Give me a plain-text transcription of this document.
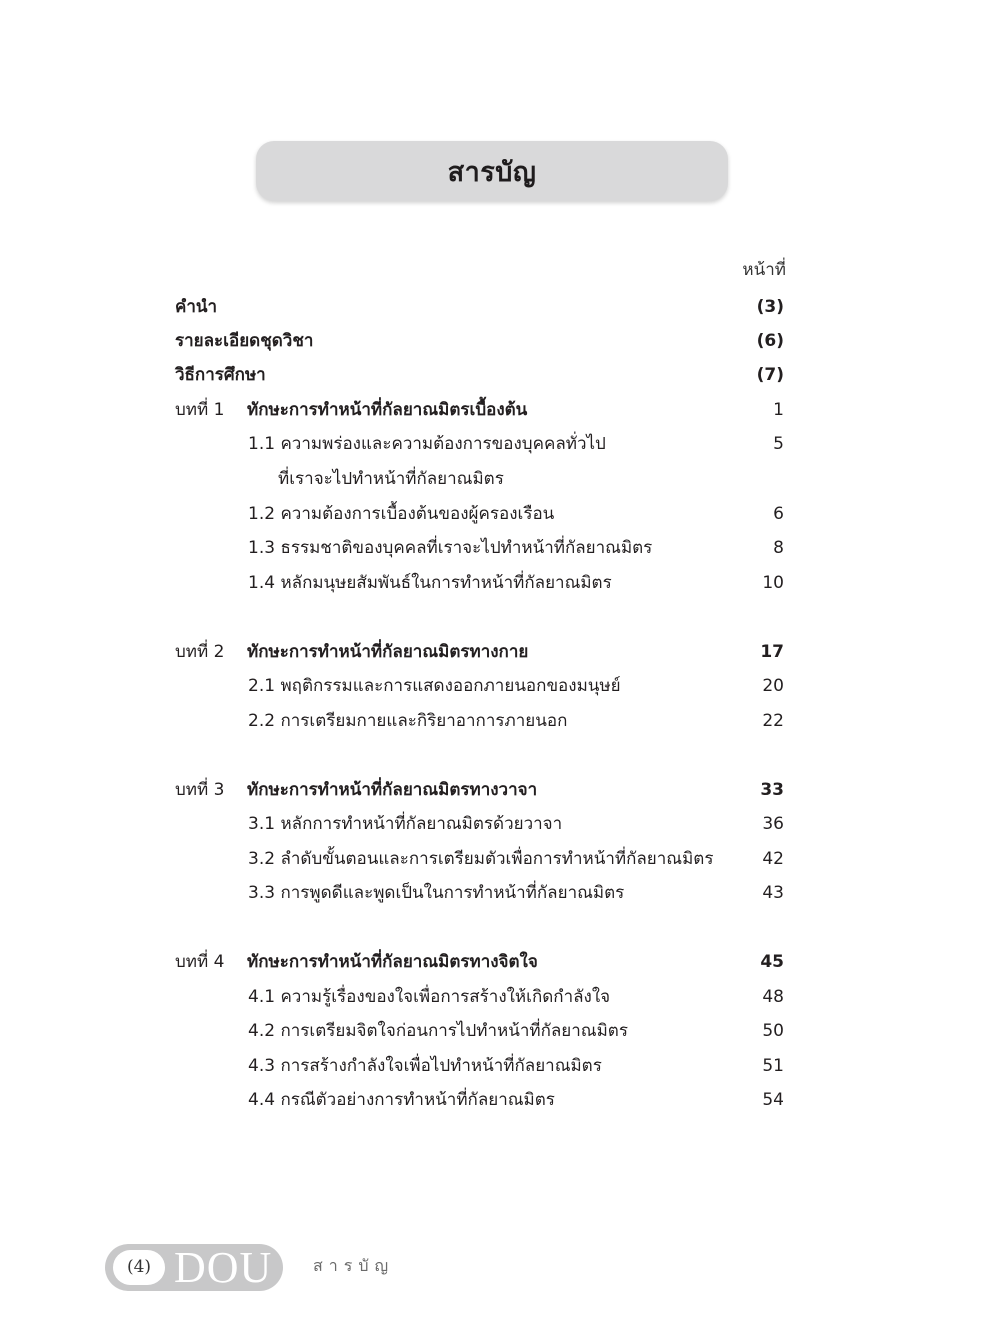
สารบัญ
หน้าที่
คำนำ	(3)
รายละเอียดชุดวิชา	(6)
วิธีการศึกษา	(7)
บทที่ 1 ทักษะการทำหน้าที่กัลยาณมิตรเบื้องต้น	1
1.1 ความพร่องและความต้องการของบุคคลทั่วไป	5
ที่เราจะไปทำหน้าที่กัลยาณมิตร
1.2 ความต้องการเบื้องต้นของผู้ครองเรือน	6
1.3 ธรรมชาติของบุคคลที่เราจะไปทำหน้าที่กัลยาณมิตร	8
1.4 หลักมนุษยสัมพันธ์ในการทำหน้าที่กัลยาณมิตร	10
บทที่ 2 ทักษะการทำหน้าที่กัลยาณมิตรทางกาย	17
2.1 พฤติกรรมและการแสดงออกภายนอกของมนุษย์	20
2.2 การเตรียมกายและกิริยาอาการภายนอก	22
บทที่ 3 ทักษะการทำหน้าที่กัลยาณมิตรทางวาจา	33
3.1 หลักการทำหน้าที่กัลยาณมิตรด้วยวาจา	36
3.2 ลำดับขั้นตอนและการเตรียมตัวเพื่อการทำหน้าที่กัลยาณมิตร	42
3.3 การพูดดีและพูดเป็นในการทำหน้าที่กัลยาณมิตร	43
บทที่ 4 ทักษะการทำหน้าที่กัลยาณมิตรทางจิตใจ	45
4.1 ความรู้เรื่องของใจเพื่อการสร้างให้เกิดกำลังใจ	48
4.2 การเตรียมจิตใจก่อนการไปทำหน้าที่กัลยาณมิตร	50
4.3 การสร้างกำลังใจเพื่อไปทำหน้าที่กัลยาณมิตร	51
4.4 กรณีตัวอย่างการทำหน้าที่กัลยาณมิตร	54
(4) DOU	สารบัญ
